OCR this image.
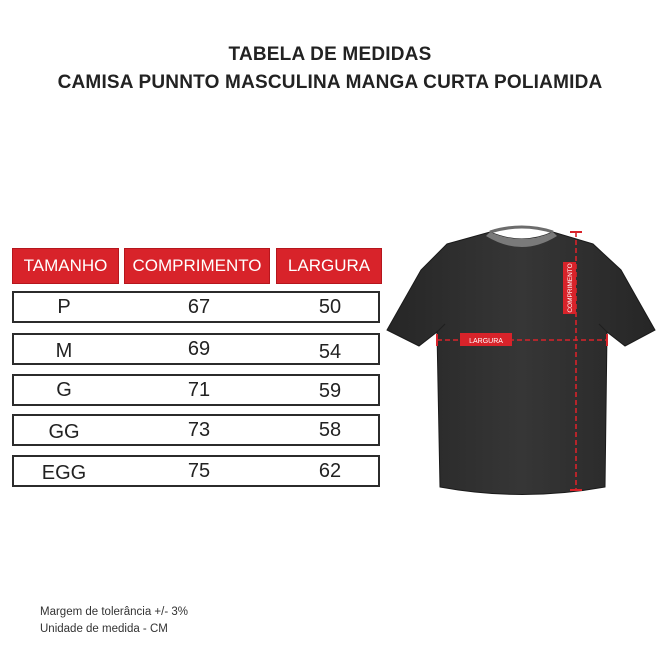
TABELA DE MEDIDAS
CAMISA PUNNTO MASCULINA MANGA CURTA POLIAMIDA
TAMANHO	COMPRIMENTO	LARGURA
P	67	50
M	69	54
G	71	59
GG	73	58
EGG	75	62
LARGURA
COMPRIMENTO
Margem de tolerância +/- 3%
Unidade de medida - CM
